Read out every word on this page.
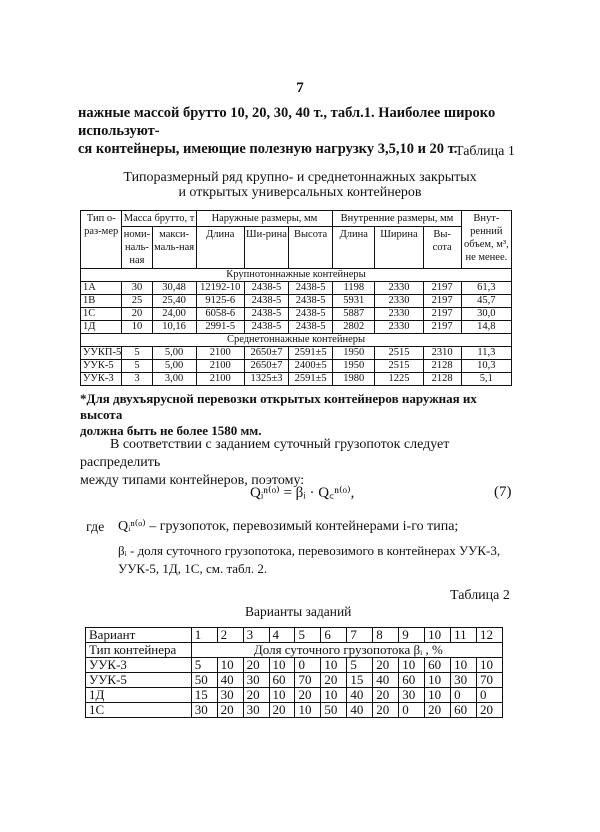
7
нажные массой брутто 10, 20, 30, 40 т., табл.1. Наиболее широко используют-
ся контейнеры, имеющие полезную нагрузку 3,5,10 и 20 т.
Таблица 1
Типоразмерный ряд крупно- и среднетоннажных закрытых
и открытых универсальных контейнеров
Тип о-раз-мер	Масса брутто, т		Наружные размеры, мм			Внутренние размеры, мм			Внут-ренний объем, м³, не менее.
	номи-наль-ная	макси-маль-ная	Длина	Ши-рина	Высота	Длина	Ширина	Вы-сота	
Крупнотоннажные контейнеры									
1А	30	30,48	12192-10	2438-5	2438-5	1198	2330	2197	61,3
1В	25	25,40	9125-6	2438-5	2438-5	5931	2330	2197	45,7
1С	20	24,00	6058-6	2438-5	2438-5	5887	2330	2197	30,0
1Д	10	10,16	2991-5	2438-5	2438-5	2802	2330	2197	14,8
Среднетоннажные контейнеры									
УУКП-5	5	5,00	2100	2650±7	2591±5	1950	2515	2310	11,3
УУК-5	5	5,00	2100	2650±7	2400±5	1950	2515	2128	10,3
УУК-3	3	3,00	2100	1325±3	2591±5	1980	1225	2128	5,1
*Для двухъярусной перевозки открытых контейнеров наружная их высота
должна быть не более 1580 мм.
В соответствии с заданием суточный грузопоток следует распределить
между типами контейнеров, поэтому:
Qᵢⁿ⁽ᵒ⁾ = βᵢ · Q꜀ⁿ⁽ᵒ⁾,	(7)
где Qᵢⁿ⁽ᵒ⁾ – грузопоток, перевозимый контейнерами i-го типа;
βᵢ - доля суточного грузопотока, перевозимого в контейнерах УУК-3,
УУК-5, 1Д, 1С, см. табл. 2.
Таблица 2
Варианты заданий
Вариант	1	2	3	4	5	6	7	8	9	10	11	12
Тип контейнера	Доля суточного грузопотока βᵢ , %											
УУК-3	5	10	20	10	0	10	5	20	10	60	10	10
УУК-5	50	40	30	60	70	20	15	40	60	10	30	70
1Д	15	30	20	10	20	10	40	20	30	10	0	0
1С	30	20	30	20	10	50	40	20	0	20	60	20
